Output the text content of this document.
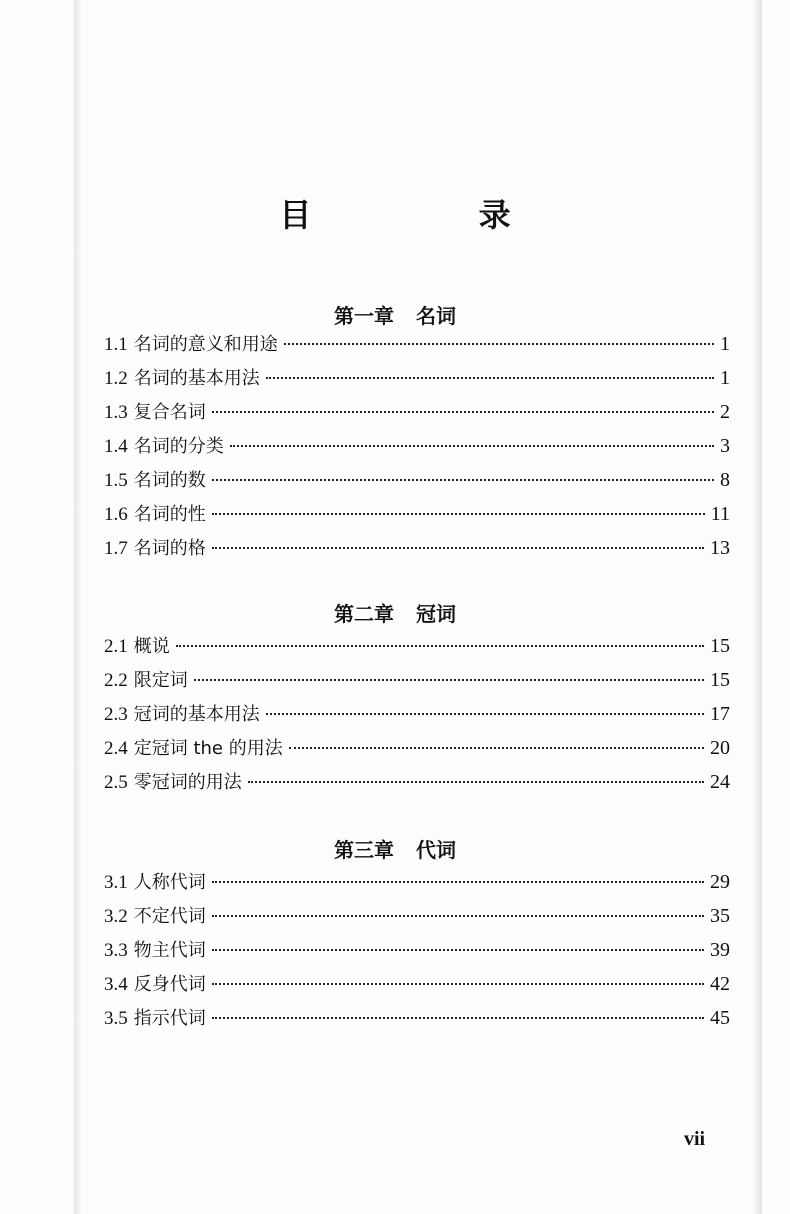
目 录
第一章 名词
1.1 名词的意义和用途	1
1.2 名词的基本用法	1
1.3 复合名词	2
1.4 名词的分类	3
1.5 名词的数	8
1.6 名词的性	11
1.7 名词的格	13
第二章 冠词
2.1 概说	15
2.2 限定词	15
2.3 冠词的基本用法	17
2.4 定冠词 the 的用法	20
2.5 零冠词的用法	24
第三章 代词
3.1 人称代词	29
3.2 不定代词	35
3.3 物主代词	39
3.4 反身代词	42
3.5 指示代词	45
vii
